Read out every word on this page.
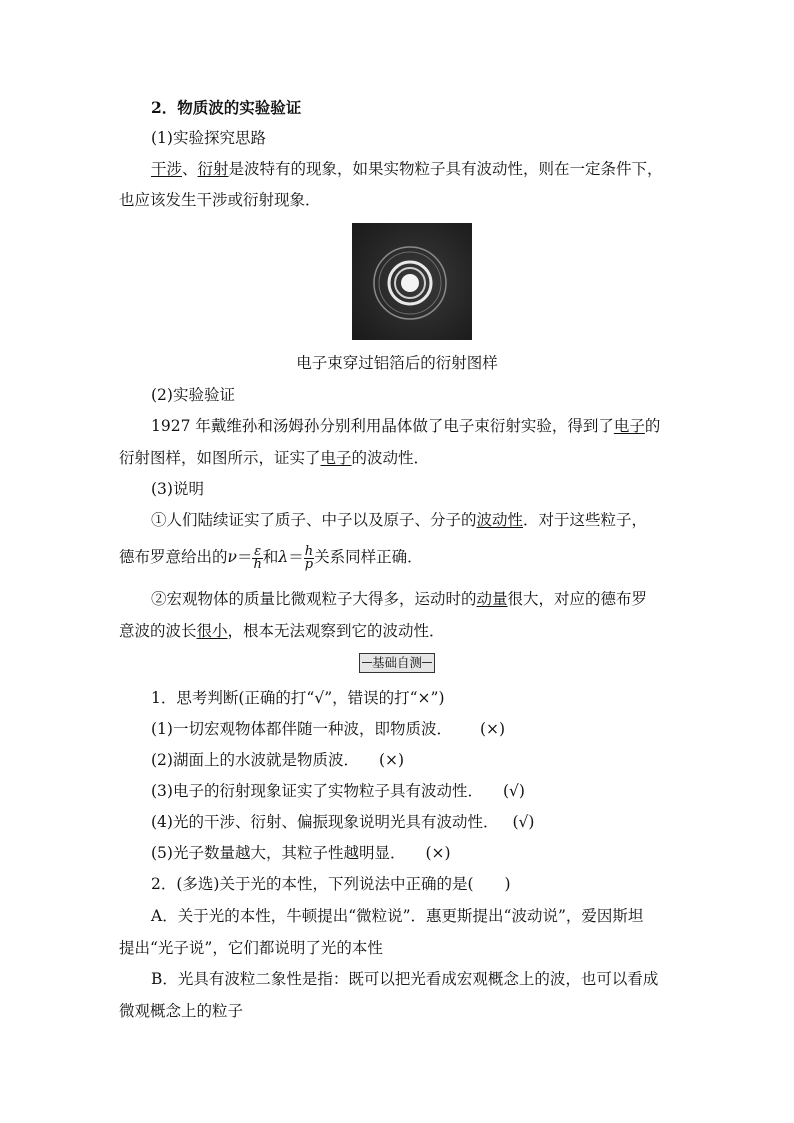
2．物质波的实验验证
(1)实验探究思路
干涉、衍射是波特有的现象，如果实物粒子具有波动性，则在一定条件下，
也应该发生干涉或衍射现象．
电子束穿过铝箔后的衍射图样
(2)实验验证
1927 年戴维孙和汤姆孙分别利用晶体做了电子束衍射实验，得到了电子的
衍射图样，如图所示，证实了电子的波动性．
(3)说明
①人们陆续证实了质子、中子以及原子、分子的波动性．对于这些粒子，
德布罗意给出的$\nu= \frac{\varepsilon}{h}$ 和$\lambda= \frac{h}{p}$ 关系同样正确．
②宏观物体的质量比微观粒子大得多，运动时的动量很大，对应的德布罗
意波的波长很小，根本无法观察到它的波动性．
基础自测
1．思考判断(正确的打“√”，错误的打“×”)
(1)一切宏观物体都伴随一种波，即物质波． (×)
(2)湖面上的水波就是物质波． (×)
(3)电子的衍射现象证实了实物粒子具有波动性． (√)
(4)光的干涉、衍射、偏振现象说明光具有波动性． (√)
(5)光子数量越大，其粒子性越明显． (×)
2．(多选)关于光的本性，下列说法中正确的是(　　)
A．关于光的本性，牛顿提出“微粒说”．惠更斯提出“波动说”，爱因斯坦
提出“光子说”，它们都说明了光的本性
B．光具有波粒二象性是指：既可以把光看成宏观概念上的波，也可以看成
微观概念上的粒子
